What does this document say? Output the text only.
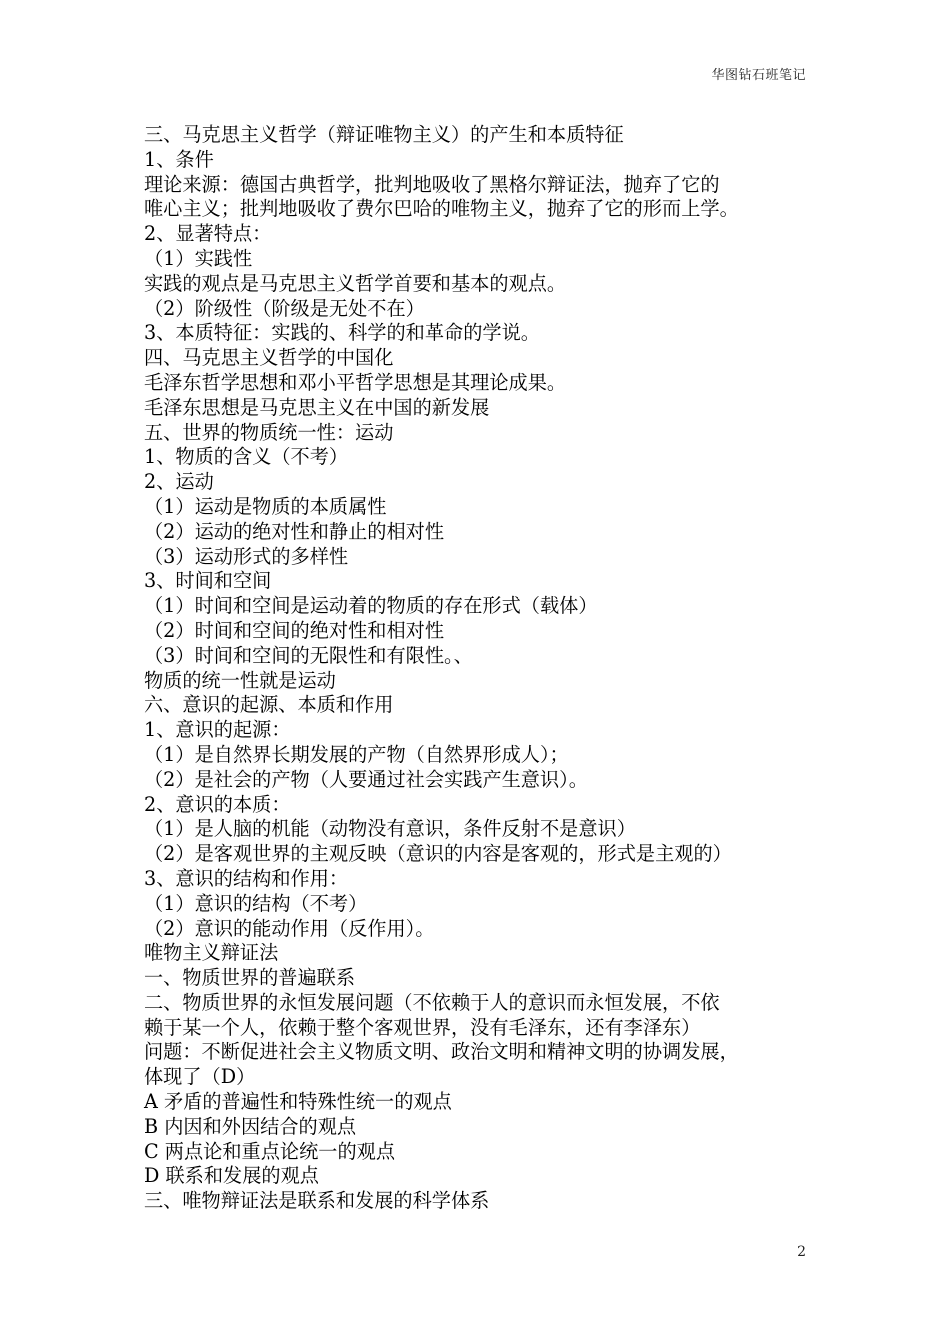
华图钻石班笔记
三、马克思主义哲学（辩证唯物主义）的产生和本质特征
1、条件
理论来源：德国古典哲学，批判地吸收了黑格尔辩证法，抛弃了它的
唯心主义；批判地吸收了费尔巴哈的唯物主义，抛弃了它的形而上学。
2、显著特点：
（1）实践性
实践的观点是马克思主义哲学首要和基本的观点。
（2）阶级性（阶级是无处不在）
3、本质特征：实践的、科学的和革命的学说。
四、马克思主义哲学的中国化
毛泽东哲学思想和邓小平哲学思想是其理论成果。
毛泽东思想是马克思主义在中国的新发展
五、世界的物质统一性：运动
1、物质的含义（不考）
2、运动
（1）运动是物质的本质属性
（2）运动的绝对性和静止的相对性
（3）运动形式的多样性
3、时间和空间
（1）时间和空间是运动着的物质的存在形式（载体）
（2）时间和空间的绝对性和相对性
（3）时间和空间的无限性和有限性。、
物质的统一性就是运动
六、意识的起源、本质和作用
1、意识的起源：
（1）是自然界长期发展的产物（自然界形成人）；
（2）是社会的产物（人要通过社会实践产生意识）。
2、意识的本质：
（1）是人脑的机能（动物没有意识，条件反射不是意识）
（2）是客观世界的主观反映（意识的内容是客观的，形式是主观的）
3、意识的结构和作用：
（1）意识的结构（不考）
（2）意识的能动作用（反作用）。
唯物主义辩证法
一、物质世界的普遍联系
二、物质世界的永恒发展问题（不依赖于人的意识而永恒发展，不依
赖于某一个人，依赖于整个客观世界，没有毛泽东，还有李泽东）
问题：不断促进社会主义物质文明、政治文明和精神文明的协调发展，
体现了（D）
A 矛盾的普遍性和特殊性统一的观点
B 内因和外因结合的观点
C 两点论和重点论统一的观点
D 联系和发展的观点
三、唯物辩证法是联系和发展的科学体系
2
